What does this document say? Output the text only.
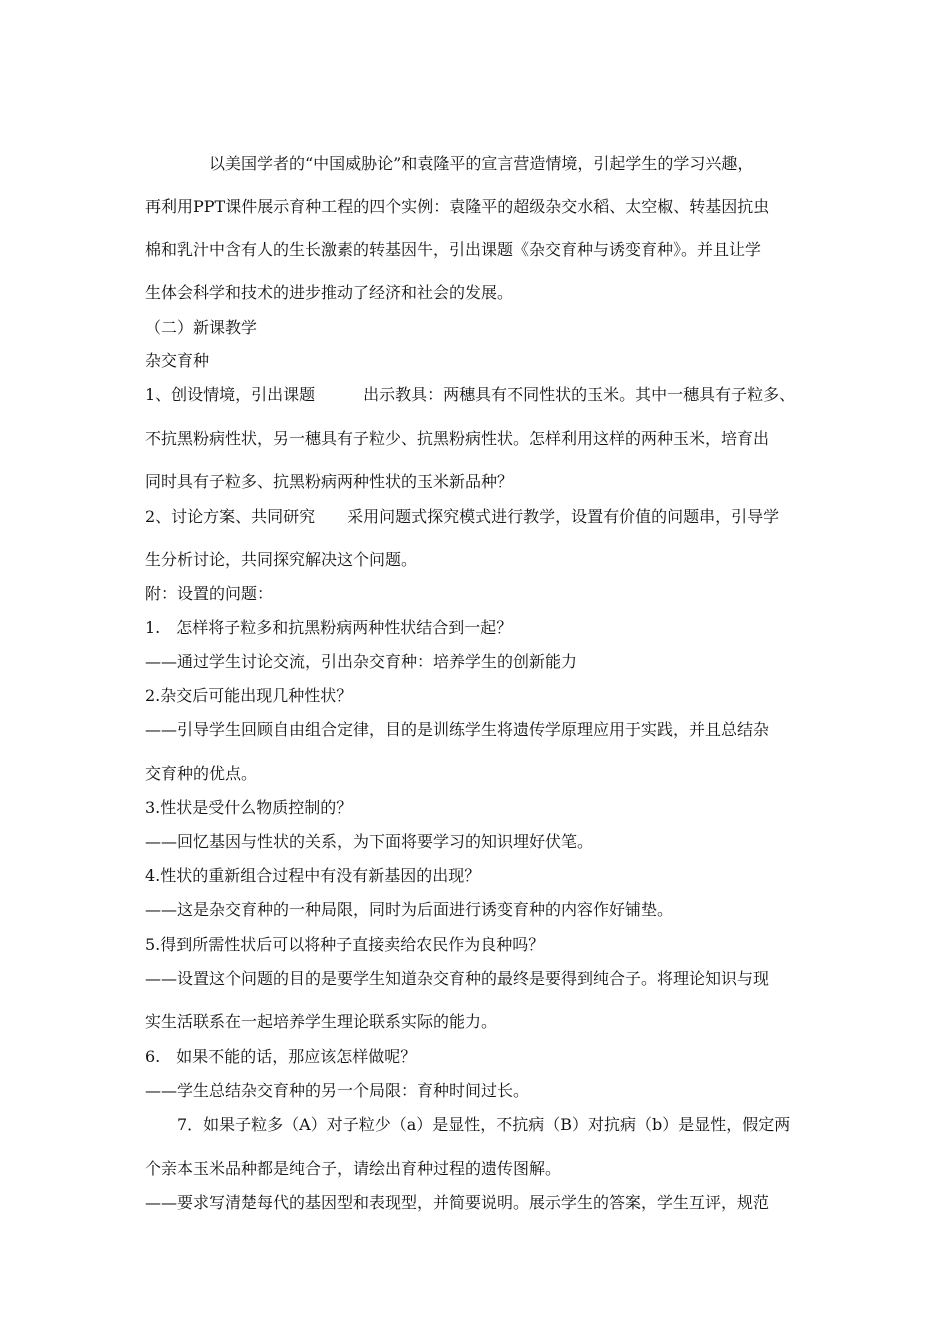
以美国学者的“中国威胁论”和袁隆平的宣言营造情境，引起学生的学习兴趣，

再利用PPT课件展示育种工程的四个实例：袁隆平的超级杂交水稻、太空椒、转基因抗虫

棉和乳汁中含有人的生长激素的转基因牛，引出课题《杂交育种与诱变育种》。并且让学

生体会科学和技术的进步推动了经济和社会的发展。

（二）新课教学

杂交育种

1、创设情境，引出课题　　　出示教具：两穗具有不同性状的玉米。其中一穗具有子粒多、

不抗黑粉病性状，另一穗具有子粒少、抗黑粉病性状。怎样利用这样的两种玉米，培育出

同时具有子粒多、抗黑粉病两种性状的玉米新品种？

2、讨论方案、共同研究　　采用问题式探究模式进行教学，设置有价值的问题串，引导学

生分析讨论，共同探究解决这个问题。

附：设置的问题：

1.　怎样将子粒多和抗黑粉病两种性状结合到一起？

——通过学生讨论交流，引出杂交育种：培养学生的创新能力

2.杂交后可能出现几种性状？

——引导学生回顾自由组合定律，目的是训练学生将遗传学原理应用于实践，并且总结杂

交育种的优点。

3.性状是受什么物质控制的？

——回忆基因与性状的关系，为下面将要学习的知识埋好伏笔。

4.性状的重新组合过程中有没有新基因的出现？

——这是杂交育种的一种局限，同时为后面进行诱变育种的内容作好铺垫。

5.得到所需性状后可以将种子直接卖给农民作为良种吗？

——设置这个问题的目的是要学生知道杂交育种的最终是要得到纯合子。将理论知识与现

实生活联系在一起培养学生理论联系实际的能力。

6.　如果不能的话，那应该怎样做呢？

——学生总结杂交育种的另一个局限：育种时间过长。

7．如果子粒多（A）对子粒少（a）是显性，不抗病（B）对抗病（b）是显性，假定两

个亲本玉米品种都是纯合子，请绘出育种过程的遗传图解。

——要求写清楚每代的基因型和表现型，并简要说明。展示学生的答案，学生互评，规范
